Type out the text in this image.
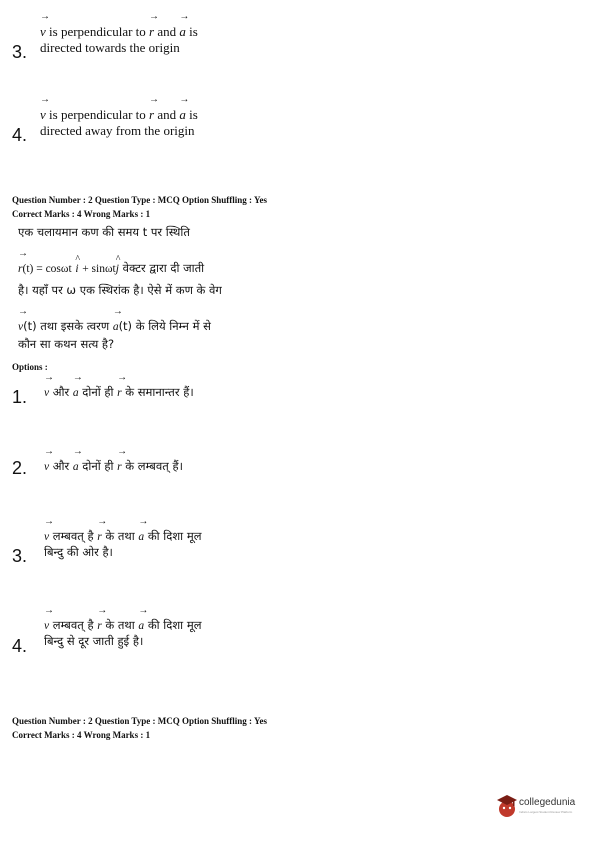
→
v is perpendicular to
→
r and
→
a is
3. directed towards the origin
→
v is perpendicular to
→
r and
→
a is
4. directed away from the origin
Question Number : 2 Question Type : MCQ Option Shuffling : Yes
Correct Marks : 4 Wrong Marks : 1
एक चलायमान कण की समय t पर स्थिति
→
r(t) = cosωt
^
i + sinωt
^
j वेक्टर द्वारा दी जाती
है। यहाँ पर ω एक स्थिरांक है। ऐसे में कण के वेग
→
v(t) तथा इसके त्वरण
→
a(t) के लिये निम्न में से
कौन सा कथन सत्य है?
Options :
1.
→
v और
→
a दोनों ही
→
r के समानान्तर हैं।
2.
→
v और
→
a दोनों ही
→
r के लम्बवत् हैं।
→
v लम्बवत् है
→
r के तथा
→
a की दिशा मूल
3. बिन्दु की ओर है।
→
v लम्बवत् है
→
r के तथा
→
a की दिशा मूल
4. बिन्दु से दूर जाती हुई है।
Question Number : 2 Question Type : MCQ Option Shuffling : Yes
Correct Marks : 4 Wrong Marks : 1
collegedunia
India's Largest Student Review Platform
